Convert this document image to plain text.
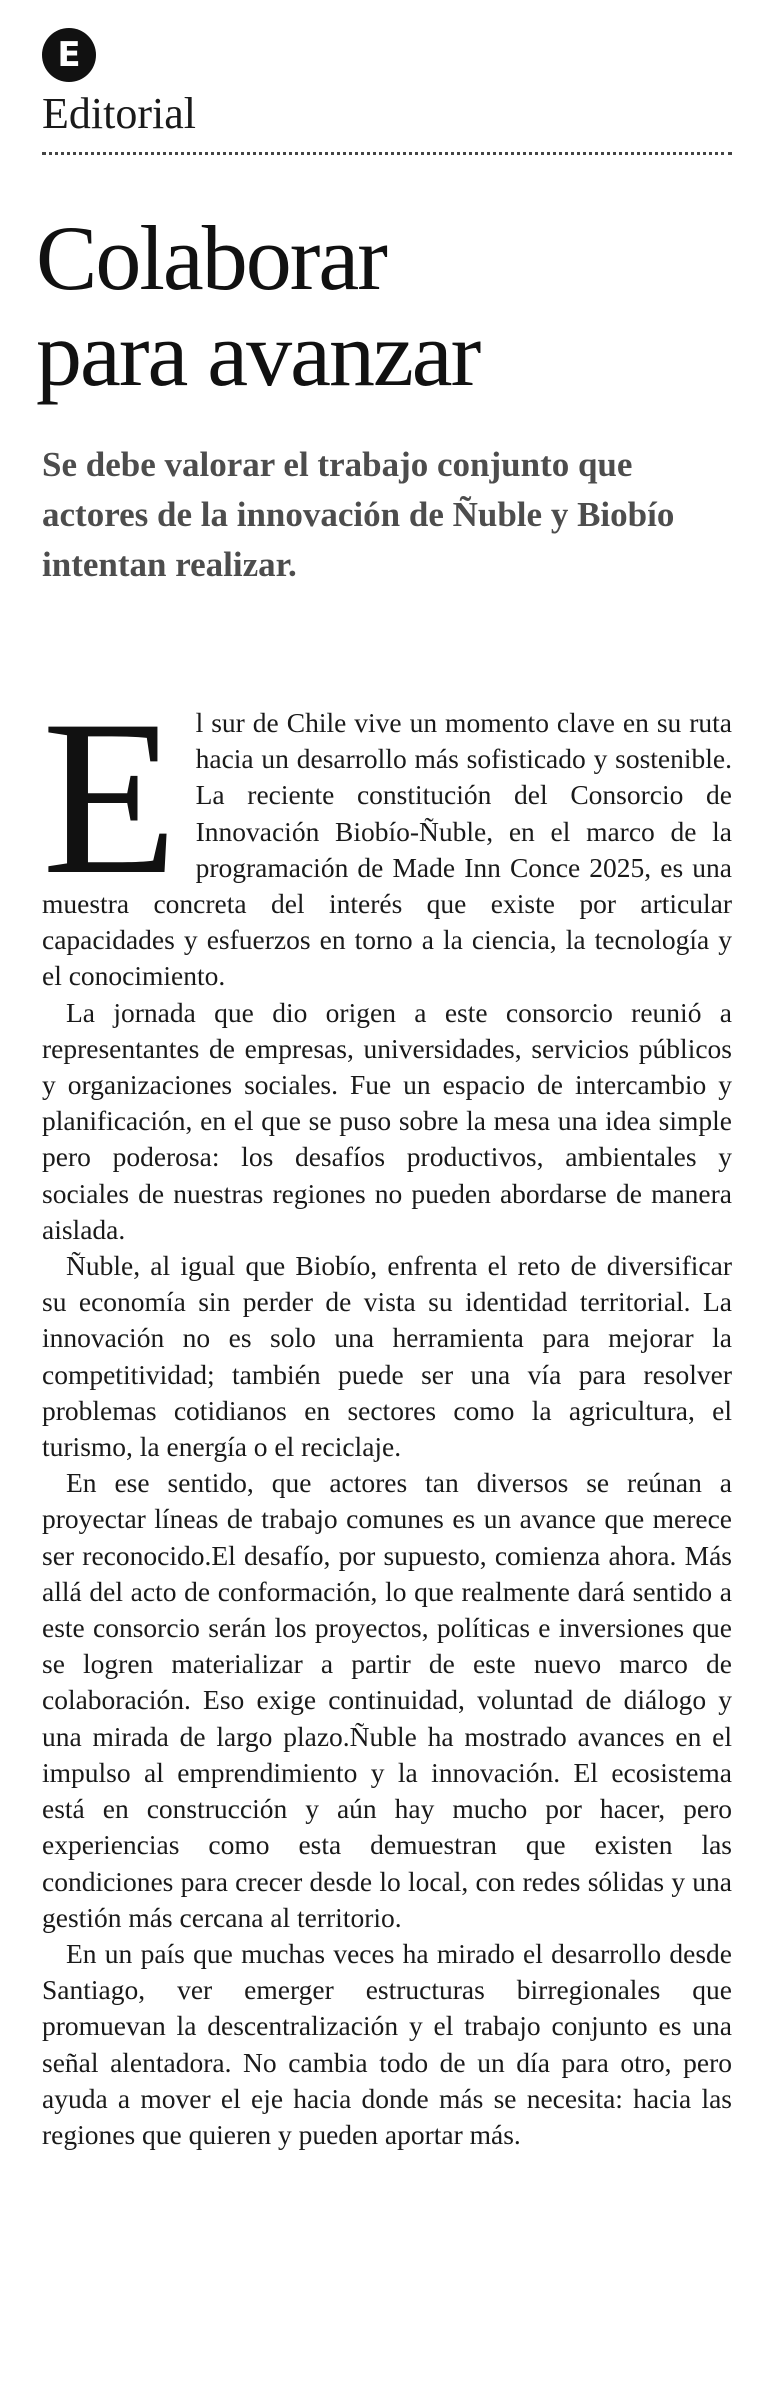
E
Editorial
Colaborar
para avanzar
Se debe valorar el trabajo conjunto que actores de la innovación de Ñuble y Biobío intentan realizar.

El sur de Chile vive un momento clave en su ruta hacia un desarrollo más sofisticado y sostenible. La reciente constitución del Consorcio de Innovación Biobío-Ñuble, en el marco de la programación de Made Inn Conce 2025, es una muestra concreta del interés que existe por articular capacidades y esfuerzos en torno a la ciencia, la tecnología y el conocimiento.

La jornada que dio origen a este consorcio reunió a representantes de empresas, universidades, servicios públicos y organizaciones sociales. Fue un espacio de intercambio y planificación, en el que se puso sobre la mesa una idea simple pero poderosa: los desafíos productivos, ambientales y sociales de nuestras regiones no pueden abordarse de manera aislada.

Ñuble, al igual que Biobío, enfrenta el reto de diversificar su economía sin perder de vista su identidad territorial. La innovación no es solo una herramienta para mejorar la competitividad; también puede ser una vía para resolver problemas cotidianos en sectores como la agricultura, el turismo, la energía o el reciclaje.

En ese sentido, que actores tan diversos se reúnan a proyectar líneas de trabajo comunes es un avance que merece ser reconocido.El desafío, por supuesto, comienza ahora. Más allá del acto de conformación, lo que realmente dará sentido a este consorcio serán los proyectos, políticas e inversiones que se logren materializar a partir de este nuevo marco de colaboración. Eso exige continuidad, voluntad de diálogo y una mirada de largo plazo.Ñuble ha mostrado avances en el impulso al emprendimiento y la innovación. El ecosistema está en construcción y aún hay mucho por hacer, pero experiencias como esta demuestran que existen las condiciones para crecer desde lo local, con redes sólidas y una gestión más cercana al territorio.

En un país que muchas veces ha mirado el desarrollo desde Santiago, ver emerger estructuras birregionales que promuevan la descentralización y el trabajo conjunto es una señal alentadora. No cambia todo de un día para otro, pero ayuda a mover el eje hacia donde más se necesita: hacia las regiones que quieren y pueden aportar más.
